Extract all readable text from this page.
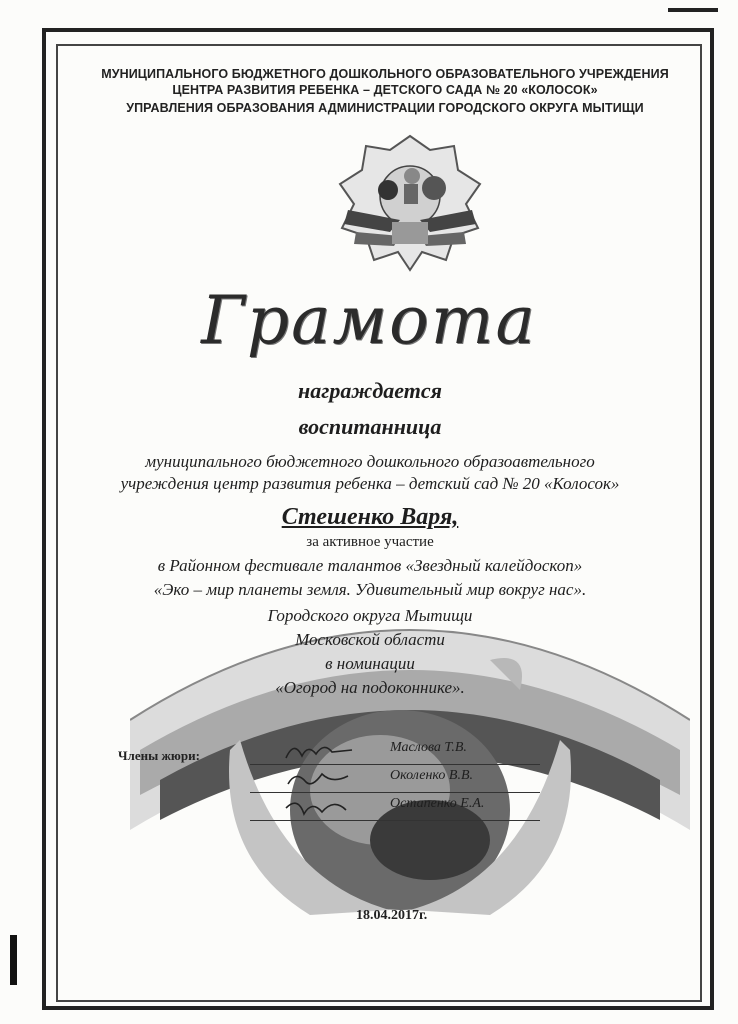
МУНИЦИПАЛЬНОГО БЮДЖЕТНОГО ДОШКОЛЬНОГО ОБРАЗОВАТЕЛЬНОГО УЧРЕЖДЕНИЯ
ЦЕНТРА РАЗВИТИЯ РЕБЕНКА – ДЕТСКОГО САДА № 20 «КОЛОСОК»
УПРАВЛЕНИЯ ОБРАЗОВАНИЯ АДМИНИСТРАЦИИ ГОРОДСКОГО ОКРУГА МЫТИЩИ
Грамота
награждается
воспитанница
муниципального бюджетного дошкольного образоавтельного
учреждения центр развития ребенка – детский сад № 20 «Колосок»
Стешенко Варя,
за активное участие
в Районном фестивале талантов «Звездный калейдоскоп»
«Эко – мир планеты земля. Удивительный мир вокруг нас».
Городского округа Мытищи
Московской области
в номинации
«Огород на подоконнике».
Члены жюри:
Маслова Т.В.
Околенко В.В.
Остапенко Е.А.
18.04.2017г.
